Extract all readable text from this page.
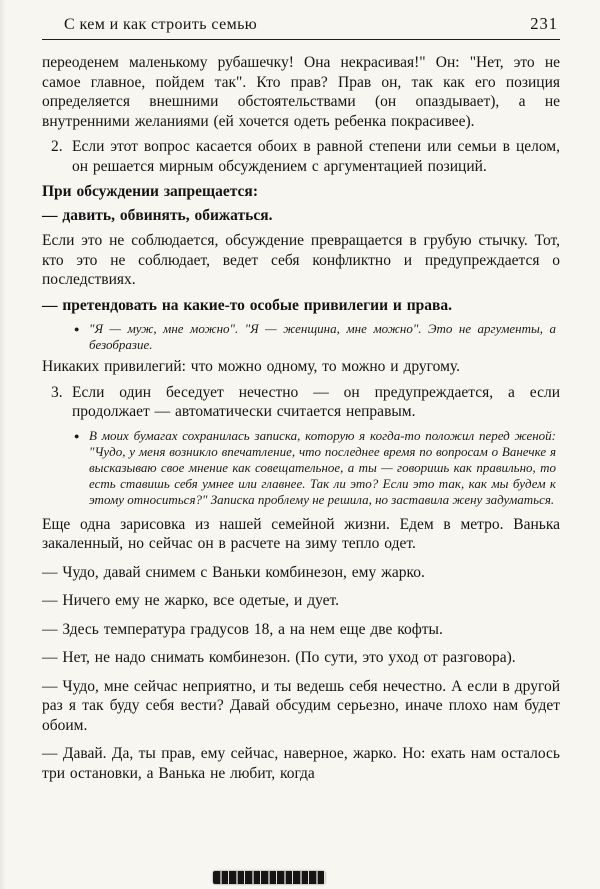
С кем и как строить семью	231

переоденем маленькому рубашечку! Она некрасивая!" Он: "Нет, это не самое главное, пойдем так". Кто прав? Прав он, так как его позиция определяется внешними обстоятельствами (он опаздывает), а не внутренними желаниями (ей хочется одеть ребенка покрасивее).

2. Если этот вопрос касается обоих в равной степени или семьи в целом, он решается мирным обсуждением с аргументацией позиций.

При обсуждении запрещается:

— давить, обвинять, обижаться.

Если это не соблюдается, обсуждение превращается в грубую стычку. Тот, кто это не соблюдает, ведет себя конфликтно и предупреждается о последствиях.

— претендовать на какие-то особые привилегии и права.

● "Я — муж, мне можно". "Я — женщина, мне можно". Это не аргументы, а безобразие.

Никаких привилегий: что можно одному, то можно и другому.

3. Если один беседует нечестно — он предупреждается, а если продолжает — автоматически считается неправым.

● В моих бумагах сохранилась записка, которую я когда-то положил перед женой: "Чудо, у меня возникло впечатление, что последнее время по вопросам о Ванечке я высказываю свое мнение как совещательное, а ты — говоришь как правильно, то есть ставишь себя умнее или главнее. Так ли это? Если это так, как мы будем к этому относиться?" Записка проблему не решила, но заставила жену задуматься.

Еще одна зарисовка из нашей семейной жизни. Едем в метро. Ванька закаленный, но сейчас он в расчете на зиму тепло одет.

— Чудо, давай снимем с Ваньки комбинезон, ему жарко.

— Ничего ему не жарко, все одетые, и дует.

— Здесь температура градусов 18, а на нем еще две кофты.

— Нет, не надо снимать комбинезон. (По сути, это уход от разговора).

— Чудо, мне сейчас неприятно, и ты ведешь себя нечестно. А если в другой раз я так буду себя вести? Давай обсудим серьезно, иначе плохо нам будет обоим.

— Давай. Да, ты прав, ему сейчас, наверное, жарко. Но: ехать нам осталось три остановки, а Ванька не любит, когда
